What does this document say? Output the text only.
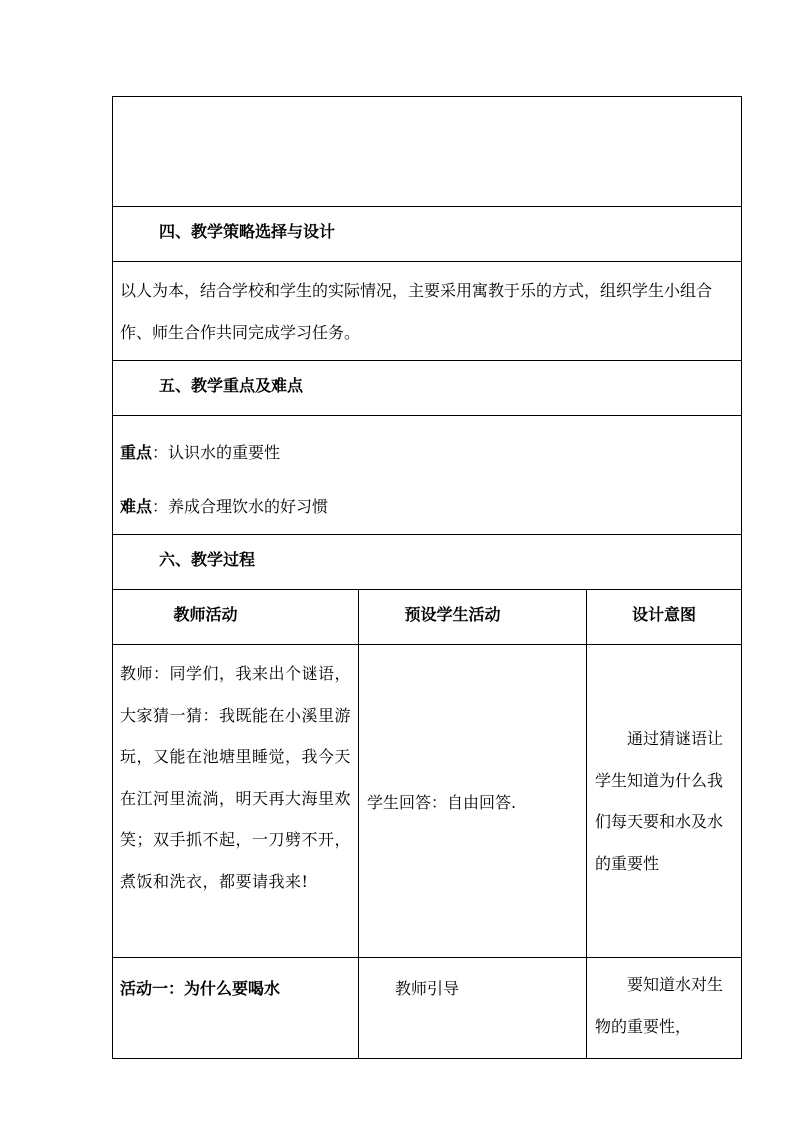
四、教学策略选择与设计		

以人为本，结合学校和学生的实际情况，主要采用寓教于乐的方式，组织学生小组合作、师生合作共同完成学习任务。		

五、教学重点及难点		

重点：认识水的重要性
难点：养成合理饮水的好习惯		

六、教学过程		

教师活动	预设学生活动	设计意图
教师：同学们，我来出个谜语，大家猜一猜：我既能在小溪里游玩，又能在池塘里睡觉，我今天在江河里流淌，明天再大海里欢笑；双手抓不起，一刀劈不开，煮饭和洗衣，都要请我来!	学生回答：自由回答.	通过猜谜语让学生知道为什么我们每天要和水及水的重要性
活动一：为什么要喝水	教师引导	要知道水对生物的重要性，
